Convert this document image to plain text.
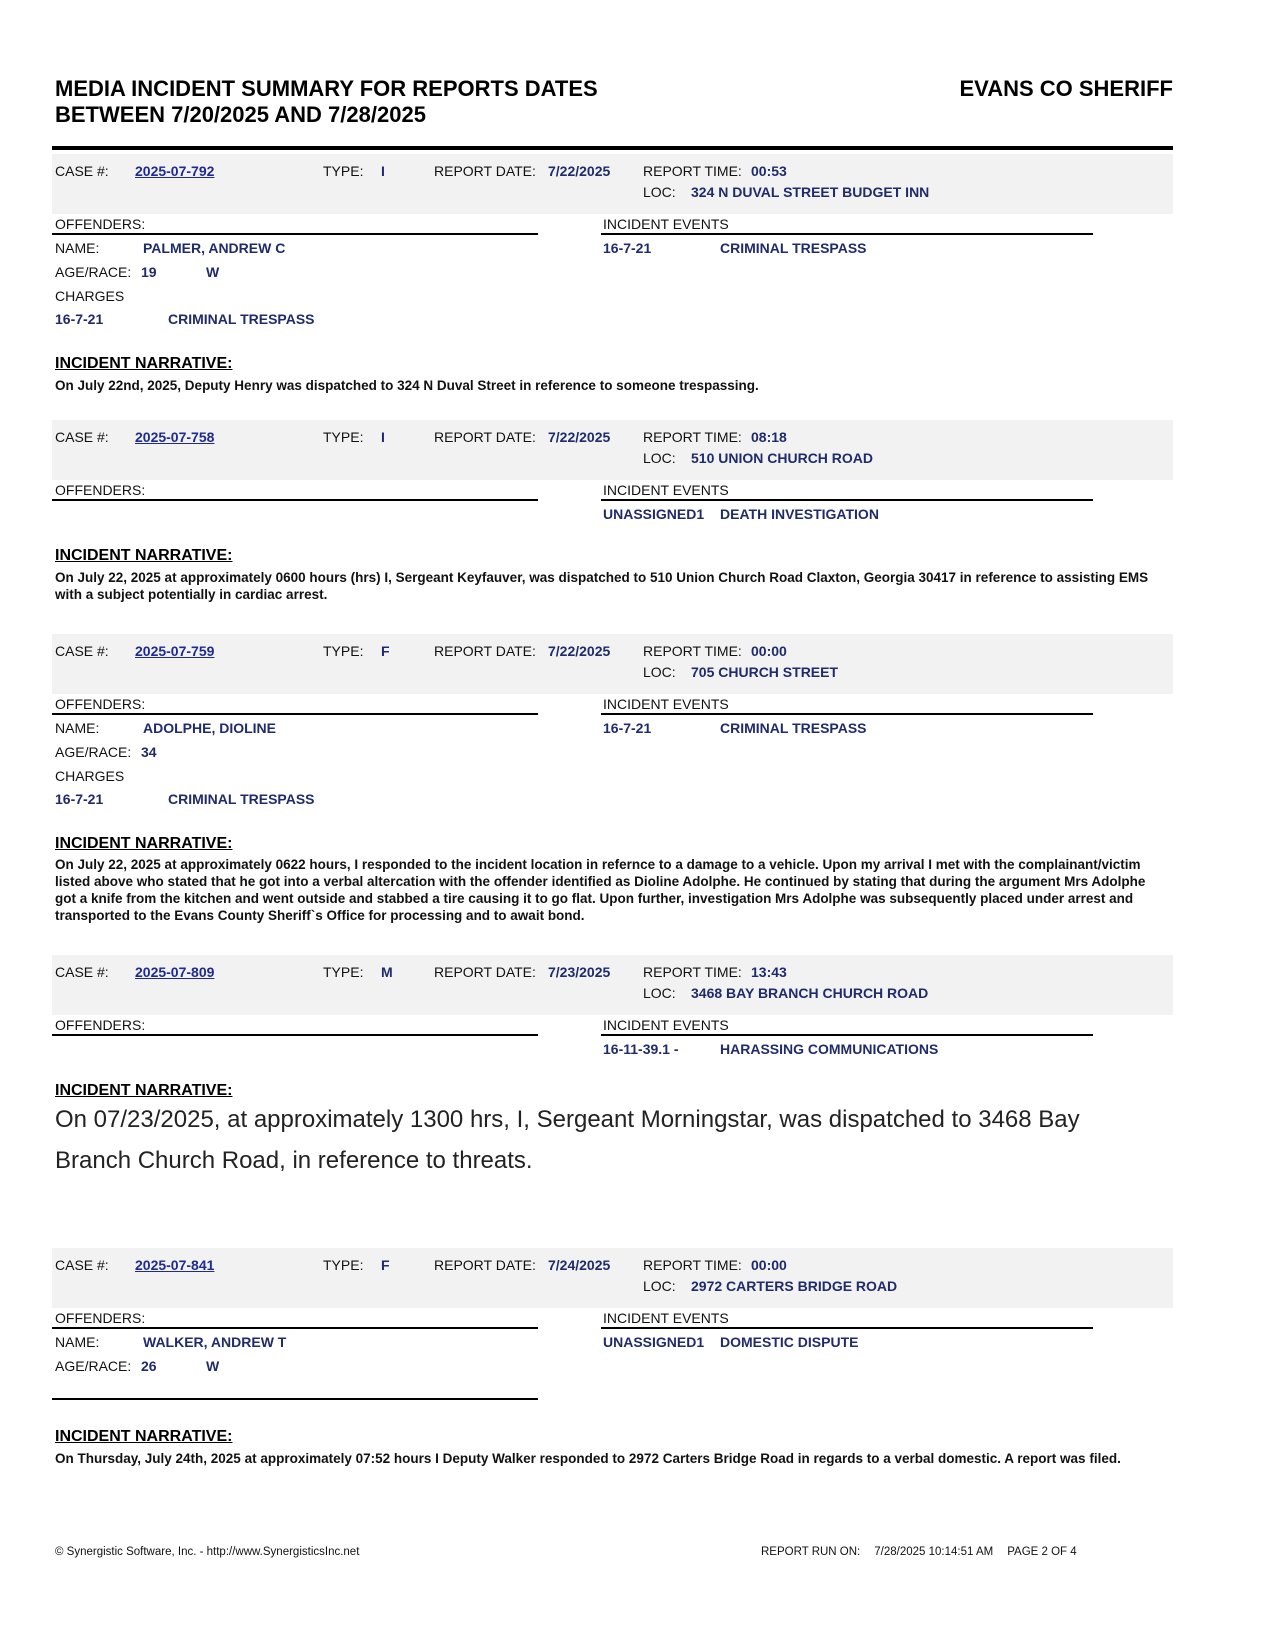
MEDIA INCIDENT SUMMARY FOR REPORTS DATES
BETWEEN 7/20/2025 AND 7/28/2025
EVANS CO SHERIFF
CASE #: 2025-07-792	TYPE: I	REPORT DATE: 7/22/2025 REPORT TIME: 00:53
LOC: 324 N DUVAL STREET BUDGET INN
OFFENDERS:	INCIDENT EVENTS
NAME:	PALMER, ANDREW C
AGE/RACE: 19	W
CHARGES
16-7-21	CRIMINAL TRESPASS
16-7-21	CRIMINAL TRESPASS
INCIDENT NARRATIVE:
On July 22nd, 2025, Deputy Henry was dispatched to 324 N Duval Street in reference to someone trespassing.
CASE #: 2025-07-758	TYPE: I	REPORT DATE: 7/22/2025 REPORT TIME: 08:18
LOC: 510 UNION CHURCH ROAD
OFFENDERS:	INCIDENT EVENTS
UNASSIGNED1 DEATH INVESTIGATION
INCIDENT NARRATIVE:
On July 22, 2025 at approximately 0600 hours (hrs) I, Sergeant Keyfauver, was dispatched to 510 Union Church Road Claxton, Georgia 30417 in reference to assisting EMS with a subject potentially in cardiac arrest.
CASE #: 2025-07-759	TYPE: F	REPORT DATE: 7/22/2025 REPORT TIME: 00:00
LOC: 705 CHURCH STREET
OFFENDERS:	INCIDENT EVENTS
NAME:	ADOLPHE, DIOLINE
AGE/RACE: 34
CHARGES
16-7-21	CRIMINAL TRESPASS
16-7-21	CRIMINAL TRESPASS
INCIDENT NARRATIVE:
On July 22, 2025 at approximately 0622 hours, I responded to the incident location in refernce to a damage to a vehicle. Upon my arrival I met with the complainant/victim listed above who stated that he got into a verbal altercation with the offender identified as Dioline Adolphe. He continued by stating that during the argument Mrs Adolphe got a knife from the kitchen and went outside and stabbed a tire causing it to go flat. Upon further, investigation Mrs Adolphe was subsequently placed under arrest and transported to the Evans County Sheriff`s Office for processing and to await bond.
CASE #: 2025-07-809	TYPE: M	REPORT DATE: 7/23/2025 REPORT TIME: 13:43
LOC: 3468 BAY BRANCH CHURCH ROAD
OFFENDERS:	INCIDENT EVENTS
16-11-39.1 -	HARASSING COMMUNICATIONS
INCIDENT NARRATIVE:
On 07/23/2025, at approximately 1300 hrs, I, Sergeant Morningstar, was dispatched to 3468 Bay Branch Church Road, in reference to threats.
CASE #: 2025-07-841	TYPE: F	REPORT DATE: 7/24/2025 REPORT TIME: 00:00
LOC: 2972 CARTERS BRIDGE ROAD
OFFENDERS:	INCIDENT EVENTS
NAME:	WALKER, ANDREW T
AGE/RACE: 26	W
UNASSIGNED1 DOMESTIC DISPUTE
INCIDENT NARRATIVE:
On Thursday, July 24th, 2025 at approximately 07:52 hours I Deputy Walker responded to 2972 Carters Bridge Road in regards to a verbal domestic. A report was filed.
© Synergistic Software, Inc. - http://www.SynergisticsInc.net	REPORT RUN ON: 7/28/2025 10:14:51 AM PAGE 2 OF 4
